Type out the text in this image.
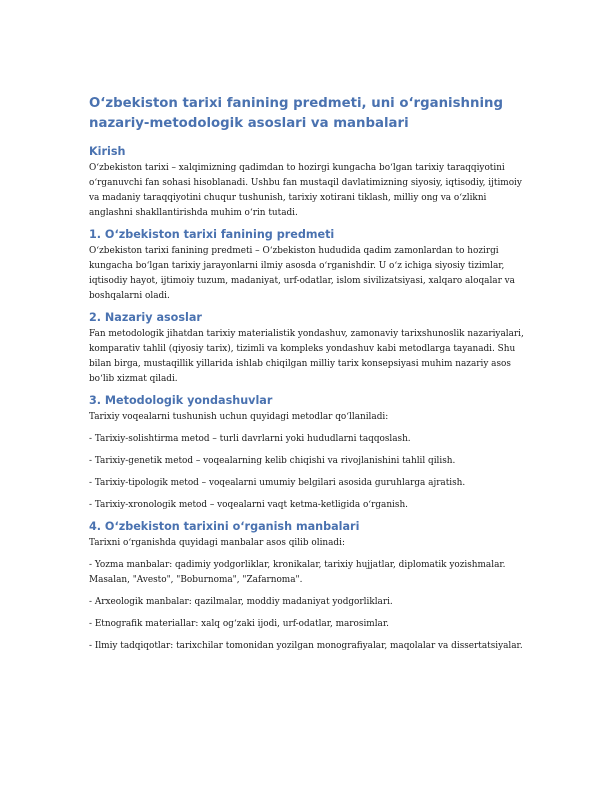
O‘zbekiston tarixi fanining predmeti, uni o‘rganishning nazariy-metodologik asoslari va manbalari
Kirish

O‘zbekiston tarixi – xalqimizning qadimdan to hozirgi kungacha bo‘lgan tarixiy taraqqiyotini o‘rganuvchi fan sohasi hisoblanadi. Ushbu fan mustaqil davlatimizning siyosiy, iqtisodiy, ijtimoiy va madaniy taraqqiyotini chuqur tushunish, tarixiy xotirani tiklash, milliy ong va o‘zlikni anglashni shakllantirishda muhim o‘rin tutadi.

1. O‘zbekiston tarixi fanining predmeti

O‘zbekiston tarixi fanining predmeti – O‘zbekiston hududida qadim zamonlardan to hozirgi kungacha bo‘lgan tarixiy jarayonlarni ilmiy asosda o‘rganishdir. U o‘z ichiga siyosiy tizimlar, iqtisodiy hayot, ijtimoiy tuzum, madaniyat, urf-odatlar, islom sivilizatsiyasi, xalqaro aloqalar va boshqalarni oladi.

2. Nazariy asoslar

Fan metodologik jihatdan tarixiy materialistik yondashuv, zamonaviy tarixshunoslik nazariyalari, komparativ tahlil (qiyosiy tarix), tizimli va kompleks yondashuv kabi metodlarga tayanadi. Shu bilan birga, mustaqillik yillarida ishlab chiqilgan milliy tarix konsepsiyasi muhim nazariy asos bo‘lib xizmat qiladi.

3. Metodologik yondashuvlar

Tarixiy voqealarni tushunish uchun quyidagi metodlar qo‘llaniladi:

- Tarixiy-solishtirma metod – turli davrlarni yoki hududlarni taqqoslash.

- Tarixiy-genetik metod – voqealarning kelib chiqishi va rivojlanishini tahlil qilish.

- Tarixiy-tipologik metod – voqealarni umumiy belgilari asosida guruhlarga ajratish.

- Tarixiy-xronologik metod – voqealarni vaqt ketma-ketligida o‘rganish.

4. O‘zbekiston tarixini o‘rganish manbalari

Tarixni o‘rganishda quyidagi manbalar asos qilib olinadi:

- Yozma manbalar: qadimiy yodgorliklar, kronikalar, tarixiy hujjatlar, diplomatik yozishmalar. Masalan, "Avesto", "Boburnoma", "Zafarnoma".

- Arxeologik manbalar: qazilmalar, moddiy madaniyat yodgorliklari.

- Etnografik materiallar: xalq og‘zaki ijodi, urf-odatlar, marosimlar.

- Ilmiy tadqiqotlar: tarixchilar tomonidan yozilgan monografiyalar, maqolalar va dissertatsiyalar.
